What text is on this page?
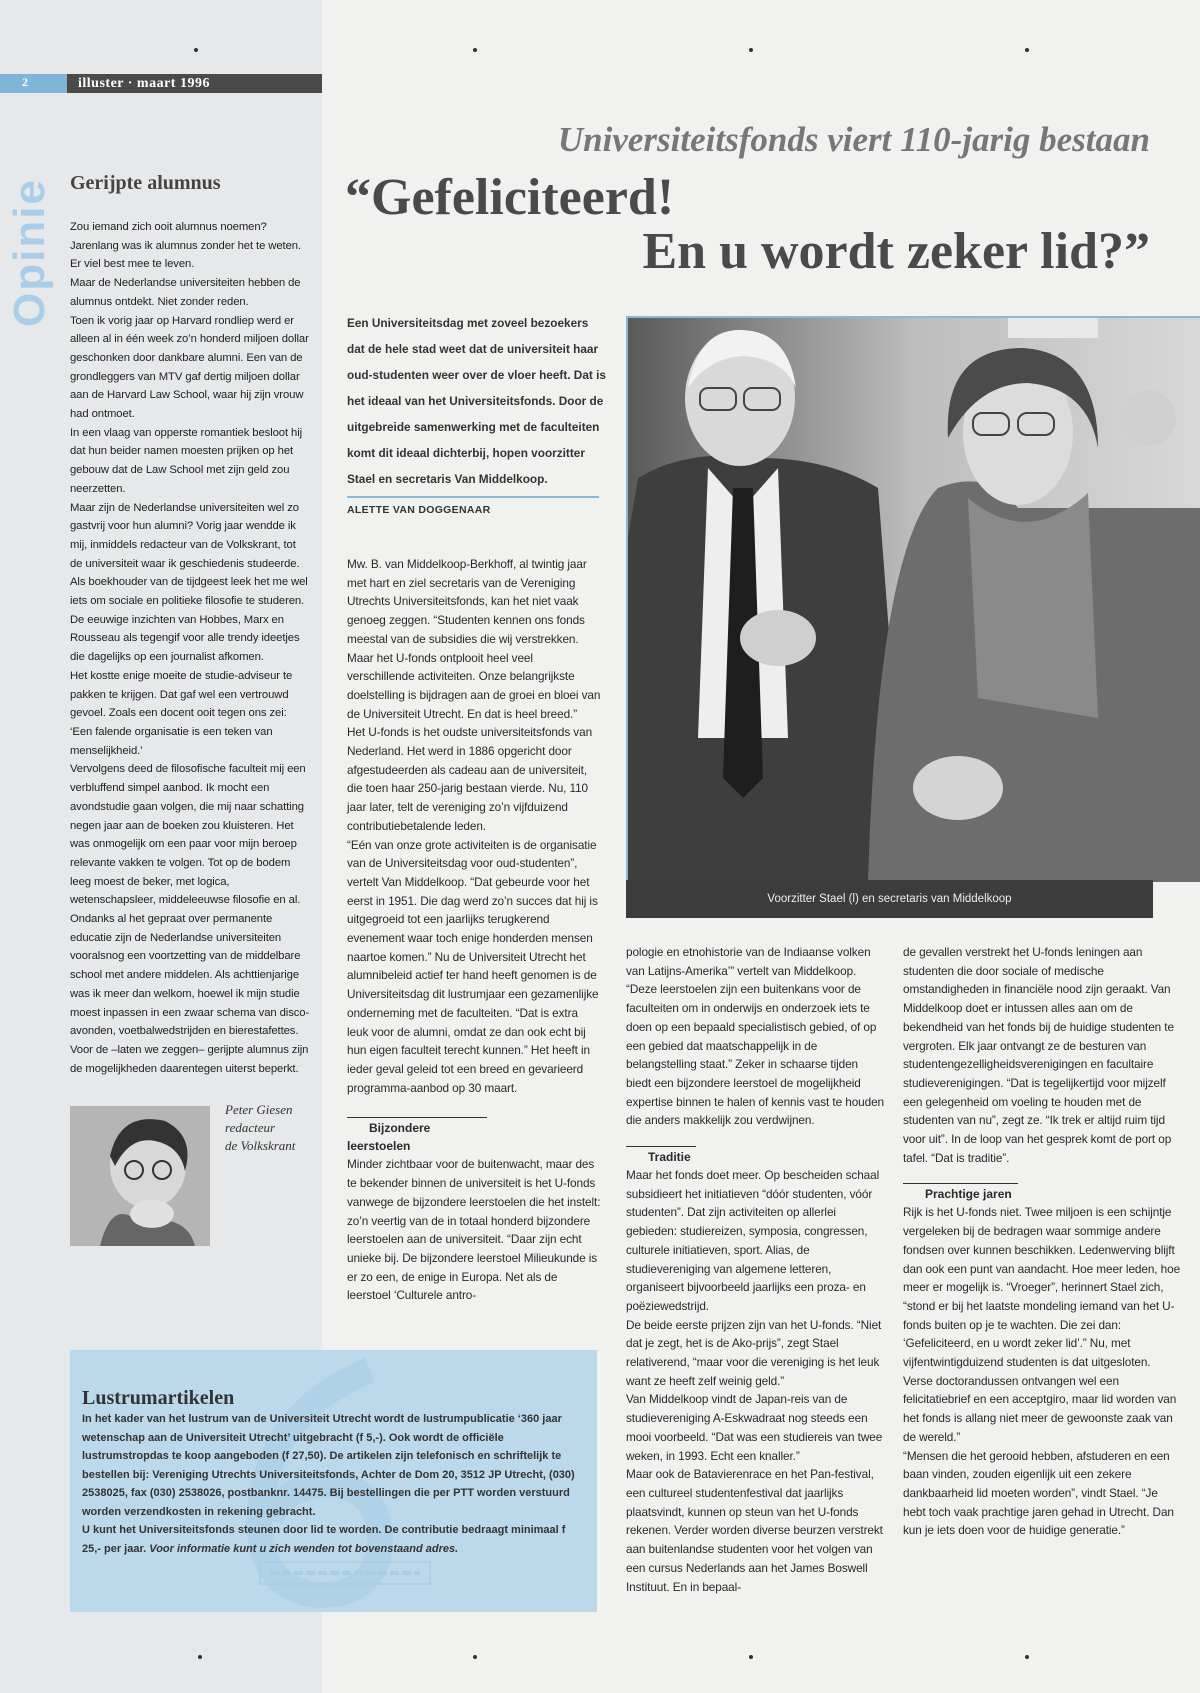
2	illuster · maart 1996
Opinie Gerijpte alumnus

Zou iemand zich ooit alumnus noemen? Jarenlang was ik alumnus zonder het te weten. Er viel best mee te leven.

Maar de Nederlandse universiteiten hebben de alumnus ontdekt. Niet zonder reden.

Toen ik vorig jaar op Harvard rondliep werd er alleen al in één week zo’n honderd miljoen dollar geschonken door dankbare alumni. Een van de grondleggers van MTV gaf dertig miljoen dollar aan de Harvard Law School, waar hij zijn vrouw had ontmoet.

In een vlaag van opperste romantiek besloot hij dat hun beider namen moesten prijken op het gebouw dat de Law School met zijn geld zou neerzetten.

Maar zijn de Nederlandse universiteiten wel zo gastvrij voor hun alumni? Vorig jaar wendde ik mij, inmiddels redacteur van de Volkskrant, tot de universiteit waar ik geschiedenis studeerde. Als boekhouder van de tijdgeest leek het me wel iets om sociale en politieke filosofie te studeren. De eeuwige inzichten van Hobbes, Marx en Rousseau als tegengif voor alle trendy ideetjes die dagelijks op een journalist afkomen.

Het kostte enige moeite de studie-adviseur te pakken te krijgen. Dat gaf wel een vertrouwd gevoel. Zoals een docent ooit tegen ons zei: ‘Een falende organisatie is een teken van menselijkheid.’

Vervolgens deed de filosofische faculteit mij een verbluffend simpel aanbod. Ik mocht een avondstudie gaan volgen, die mij naar schatting negen jaar aan de boeken zou kluisteren. Het was onmogelijk om een paar voor mijn beroep relevante vakken te volgen. Tot op de bodem leeg moest de beker, met logica, wetenschapsleer, middeleeuwse filosofie en al.

Ondanks al het gepraat over permanente educatie zijn de Nederlandse universiteiten vooralsnog een voortzetting van de middelbare school met andere middelen. Als achttienjarige was ik meer dan welkom, hoewel ik mijn studie moest inpassen in een zwaar schema van disco-avonden, voetbalwedstrijden en bierestafettes. Voor de –laten we zeggen– gerijpte alumnus zijn de mogelijkheden daarentegen uiterst beperkt.

Peter Giesen
redacteur
de Volkskrant
Universiteitsfonds viert 110-jarig bestaan
“Gefeliciteerd!
En u wordt zeker lid?”
Een Universiteitsdag met zoveel bezoekers dat de hele stad weet dat de universiteit haar oud-studenten weer over de vloer heeft. Dat is het ideaal van het Universiteitsfonds. Door de uitgebreide samenwerking met de faculteiten komt dit ideaal dichterbij, hopen voorzitter Stael en secretaris Van Middelkoop.
ALETTE VAN DOGGENAAR

Mw. B. van Middelkoop-Berkhoff, al twintig jaar met hart en ziel secretaris van de Vereniging Utrechts Universiteitsfonds, kan het niet vaak genoeg zeggen. “Studenten kennen ons fonds meestal van de subsidies die wij verstrekken. Maar het U-fonds ontplooit heel veel verschillende activiteiten. Onze belangrijkste doelstelling is bijdragen aan de groei en bloei van de Universiteit Utrecht. En dat is heel breed.”

Het U-fonds is het oudste universiteitsfonds van Nederland. Het werd in 1886 opgericht door afgestudeerden als cadeau aan de universiteit, die toen haar 250-jarig bestaan vierde. Nu, 110 jaar later, telt de vereniging zo’n vijfduizend contributiebetalende leden.

“Eén van onze grote activiteiten is de organisatie van de Universiteitsdag voor oud-studenten”, vertelt Van Middelkoop. “Dat gebeurde voor het eerst in 1951. Die dag werd zo’n succes dat hij is uitgegroeid tot een jaarlijks terugkerend evenement waar toch enige honderden mensen naartoe komen.” Nu de Universiteit Utrecht het alumnibeleid actief ter hand heeft genomen is de Universiteitsdag dit lustrumjaar een gezamenlijke onderneming met de faculteiten. “Dat is extra leuk voor de alumni, omdat ze dan ook echt bij hun eigen faculteit terecht kunnen.” Het heeft in ieder geval geleid tot een breed en gevarieerd programma-aanbod op 30 maart.

Bijzondere leerstoelen

Minder zichtbaar voor de buitenwacht, maar des te bekender binnen de universiteit is het U-fonds vanwege de bijzondere leerstoelen die het instelt: zo’n veertig van de in totaal honderd bijzondere leerstoelen aan de universiteit. “Daar zijn echt unieke bij. De bijzondere leerstoel Milieukunde is er zo een, de enige in Europa. Net als de leerstoel ‘Culturele antro-

Voorzitter Stael (l) en secretaris van Middelkoop

pologie en etnohistorie van de Indiaanse volken van Latijns-Amerika’” vertelt van Middelkoop. “Deze leerstoelen zijn een buitenkans voor de faculteiten om in onderwijs en onderzoek iets te doen op een bepaald specialistisch gebied, of op een gebied dat maatschappelijk in de belangstelling staat.” Zeker in schaarse tijden biedt een bijzondere leerstoel de mogelijkheid expertise binnen te halen of kennis vast te houden die anders makkelijk zou verdwijnen.

Traditie

Maar het fonds doet meer. Op bescheiden schaal subsidieert het initiatieven “dóór studenten, vóór studenten”. Dat zijn activiteiten op allerlei gebieden: studiereizen, symposia, congressen, culturele initiatieven, sport. Alias, de studievereniging van algemene letteren, organiseert bijvoorbeeld jaarlijks een proza- en poëziewedstrijd.

De beide eerste prijzen zijn van het U-fonds. “Niet dat je zegt, het is de Ako-prijs”, zegt Stael relativerend, “maar voor die vereniging is het leuk want ze heeft zelf weinig geld.”

Van Middelkoop vindt de Japan-reis van de studievereniging A-Eskwadraat nog steeds een mooi voorbeeld. “Dat was een studiereis van twee weken, in 1993. Echt een knaller.”

Maar ook de Batavierenrace en het Pan-festival, een cultureel studentenfestival dat jaarlijks plaatsvindt, kunnen op steun van het U-fonds rekenen. Verder worden diverse beurzen verstrekt aan buitenlandse studenten voor het volgen van een cursus Nederlands aan het James Boswell Instituut. En in bepaal-

de gevallen verstrekt het U-fonds leningen aan studenten die door sociale of medische omstandigheden in financiële nood zijn geraakt. Van Middelkoop doet er intussen alles aan om de bekendheid van het fonds bij de huidige studenten te vergroten. Elk jaar ontvangt ze de besturen van studentengezelligheidsverenigingen en facultaire studieverenigingen. “Dat is tegelijkertijd voor mijzelf een gelegenheid om voeling te houden met de studenten van nu”, zegt ze. “Ik trek er altijd ruim tijd voor uit”. In de loop van het gesprek komt de port op tafel. “Dat is traditie”.

Prachtige jaren

Rijk is het U-fonds niet. Twee miljoen is een schijntje vergeleken bij de bedragen waar sommige andere fondsen over kunnen beschikken. Ledenwerving blijft dan ook een punt van aandacht. Hoe meer leden, hoe meer er mogelijk is. “Vroeger”, herinnert Stael zich, “stond er bij het laatste mondeling iemand van het U-fonds buiten op je te wachten. Die zei dan: ‘Gefeliciteerd, en u wordt zeker lid’.” Nu, met vijfentwintigduizend studenten is dat uitgesloten. Verse doctorandussen ontvangen wel een felicitatiebrief en een acceptgiro, maar lid worden van het fonds is allang niet meer de gewoonste zaak van de wereld.”

“Mensen die het gerooid hebben, afstuderen en een baan vinden, zouden eigenlijk uit een zekere dankbaarheid lid moeten worden”, vindt Stael. “Je hebt toch vaak prachtige jaren gehad in Utrecht. Dan kun je iets doen voor de huidige generatie.”

Lustrumartikelen
In het kader van het lustrum van de Universiteit Utrecht wordt de lustrumpublicatie ‘360 jaar wetenschap aan de Universiteit Utrecht’ uitgebracht (f 5,-). Ook wordt de officiële lustrumstropdas te koop aangeboden (f 27,50). De artikelen zijn telefonisch en schriftelijk te bestellen bij: Vereniging Utrechts Universiteitsfonds, Achter de Dom 20, 3512 JP Utrecht, (030) 2538025, fax (030) 2538026, postbanknr. 14475. Bij bestellingen die per PTT worden verstuurd worden verzendkosten in rekening gebracht.
U kunt het Universiteitsfonds steunen door lid te worden. De contributie bedraagt minimaal f 25,- per jaar. Voor informatie kunt u zich wenden tot bovenstaand adres.
